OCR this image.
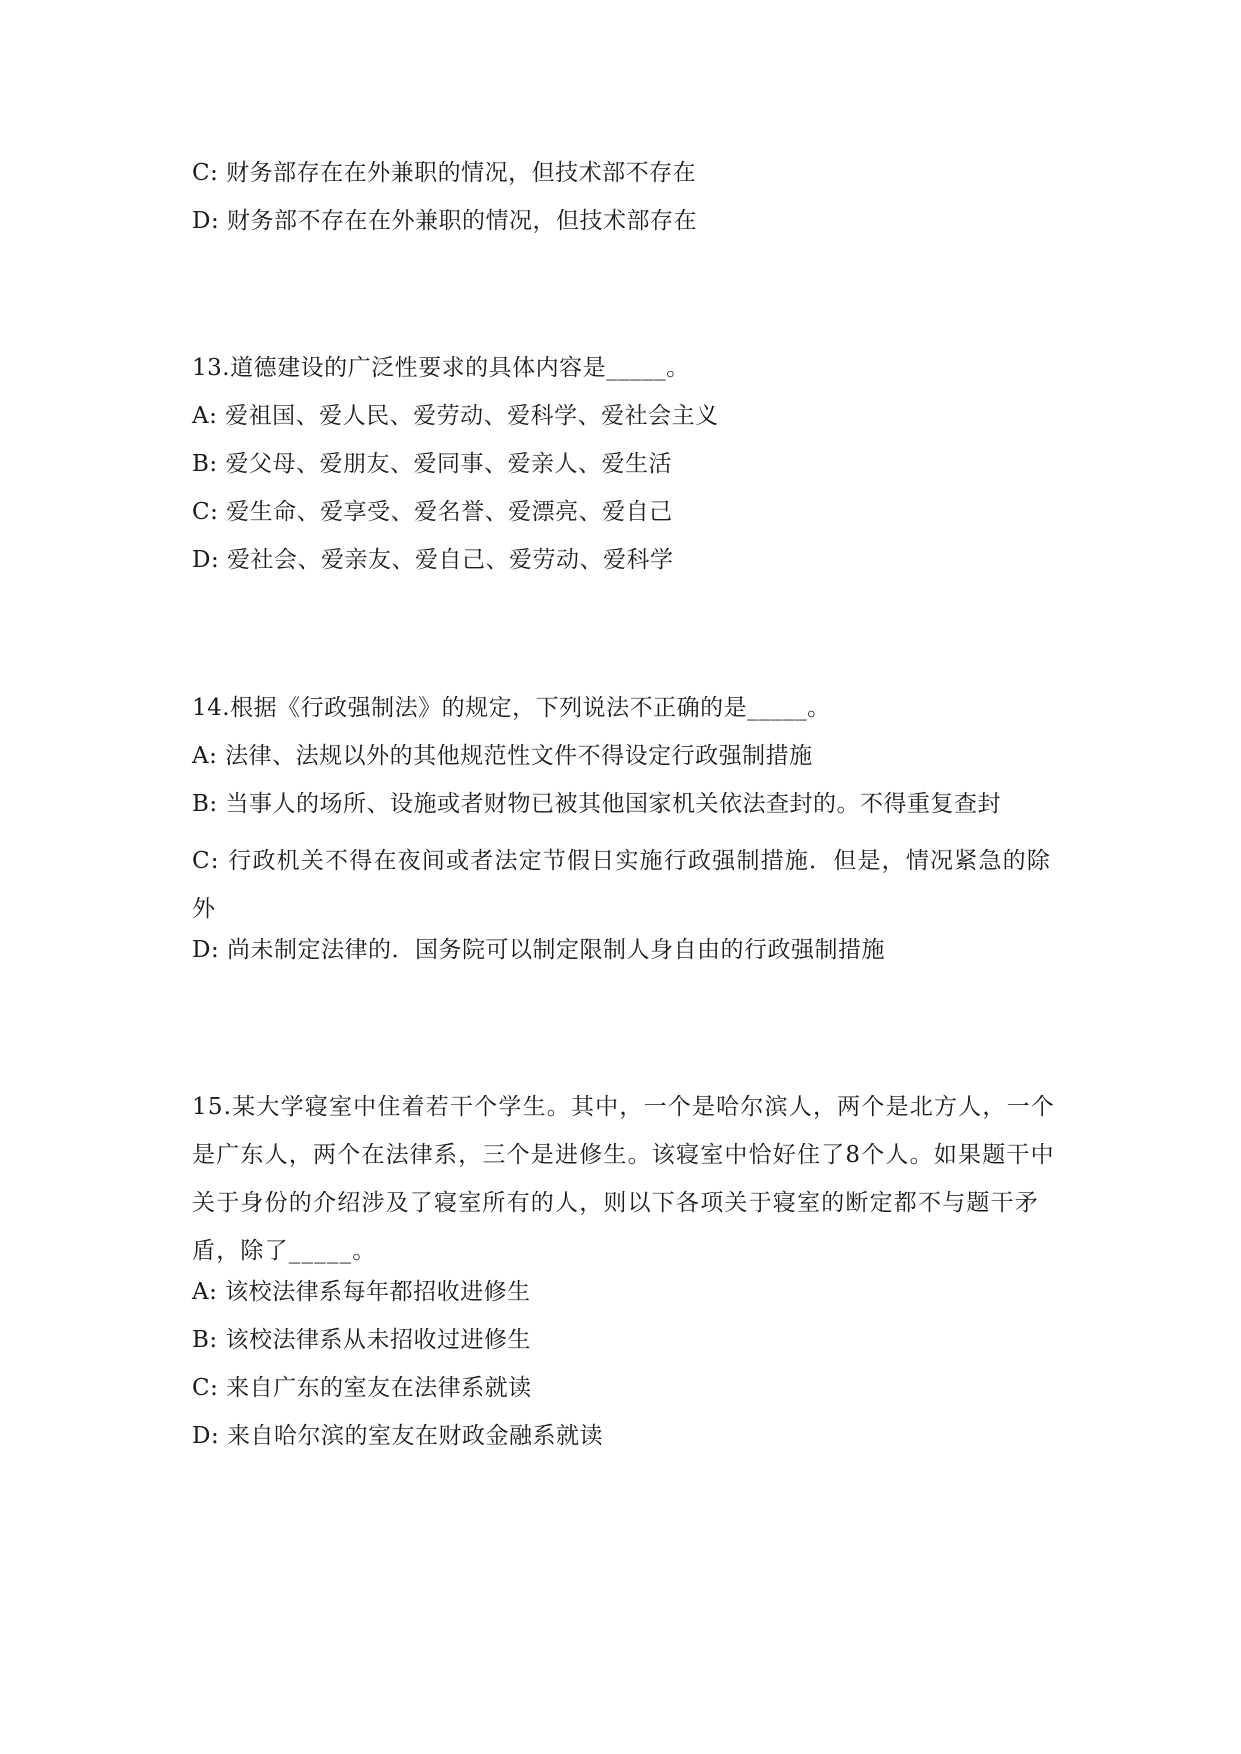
C: 财务部存在在外兼职的情况，但技术部不存在
D: 财务部不存在在外兼职的情况，但技术部存在
13.道德建设的广泛性要求的具体内容是_____。
A: 爱祖国、爱人民、爱劳动、爱科学、爱社会主义
B: 爱父母、爱朋友、爱同事、爱亲人、爱生活
C: 爱生命、爱享受、爱名誉、爱漂亮、爱自己
D: 爱社会、爱亲友、爱自己、爱劳动、爱科学
14.根据《行政强制法》的规定，下列说法不正确的是_____。
A: 法律、法规以外的其他规范性文件不得设定行政强制措施
B: 当事人的场所、设施或者财物已被其他国家机关依法查封的。不得重复查封
C: 行政机关不得在夜间或者法定节假日实施行政强制措施．但是，情况紧急的除外
D: 尚未制定法律的．国务院可以制定限制人身自由的行政强制措施
15.某大学寝室中住着若干个学生。其中，一个是哈尔滨人，两个是北方人，一个是广东人，两个在法律系，三个是进修生。该寝室中恰好住了8个人。如果题干中关于身份的介绍涉及了寝室所有的人，则以下各项关于寝室的断定都不与题干矛盾，除了_____。
A: 该校法律系每年都招收进修生
B: 该校法律系从未招收过进修生
C: 来自广东的室友在法律系就读
D: 来自哈尔滨的室友在财政金融系就读
